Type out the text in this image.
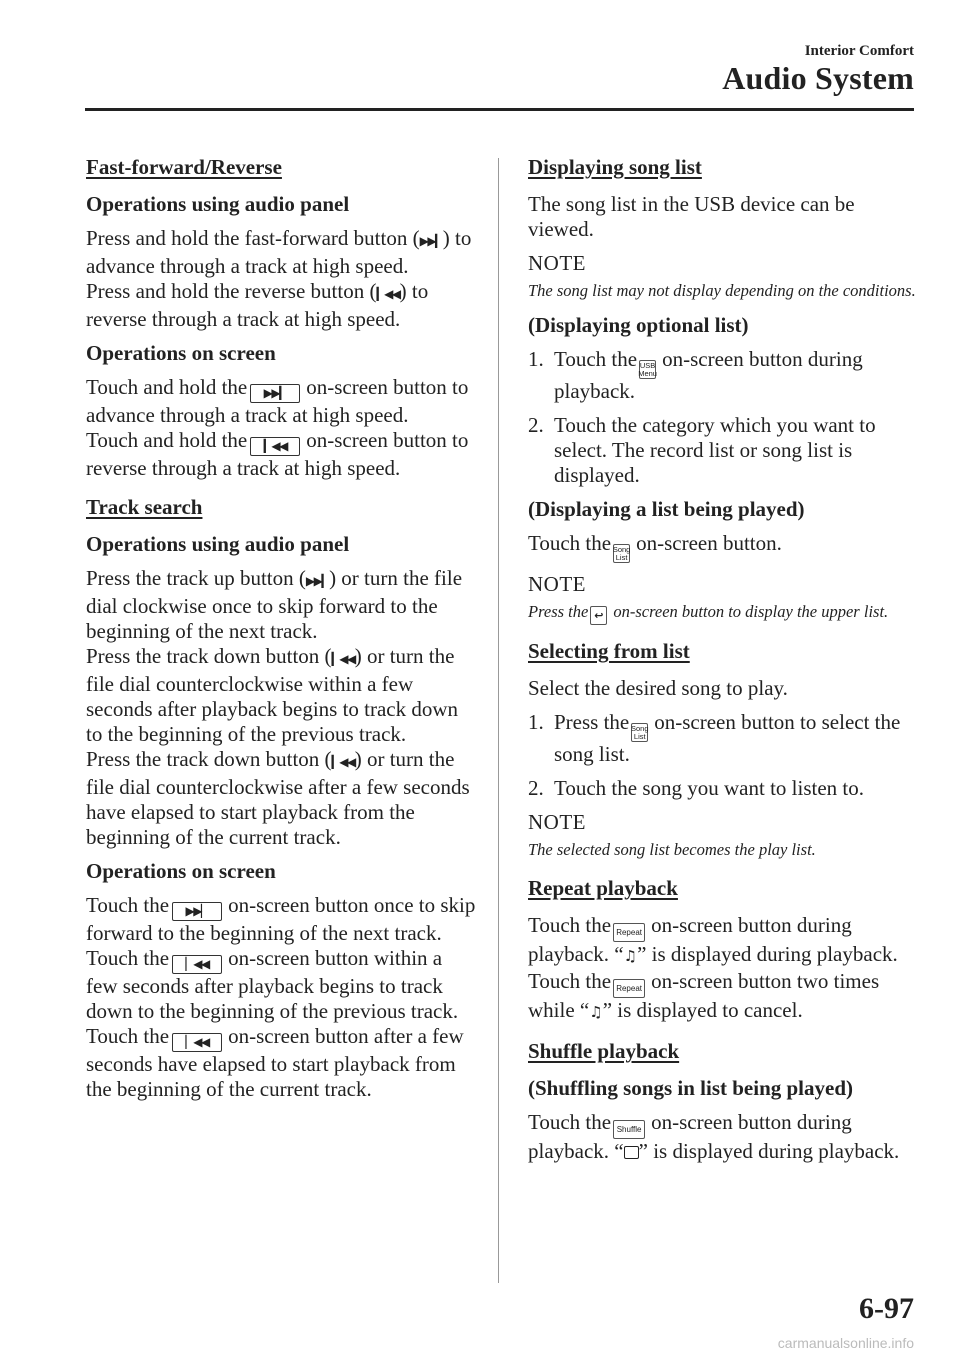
Interior Comfort
Audio System
Fast-forward/Reverse
Operations using audio panel

Press and hold the fast-forward button (▶▶▎) to advance through a track at high speed.
Press and hold the reverse button (▎◀◀) to reverse through a track at high speed.

Operations on screen

Touch and hold the ▶▶▎ on-screen button to advance through a track at high speed.
Touch and hold the ▎◀◀ on-screen button to reverse through a track at high speed.

Track search
Operations using audio panel

Press the track up button (▶▶▎) or turn the file dial clockwise once to skip forward to the beginning of the next track.
Press the track down button (▎◀◀) or turn the file dial counterclockwise within a few seconds after playback begins to track down to the beginning of the previous track.
Press the track down button (▎◀◀) or turn the file dial counterclockwise after a few seconds have elapsed to start playback from the beginning of the current track.

Operations on screen

Touch the ▶▶▏ on-screen button once to skip forward to the beginning of the next track.
Touch the ▏◀◀ on-screen button within a few seconds after playback begins to track down to the beginning of the previous track.
Touch the ▏◀◀ on-screen button after a few seconds have elapsed to start playback from the beginning of the current track.

Displaying song list

The song list in the USB device can be viewed.

NOTE
The song list may not display depending on the conditions.
(Displaying optional list)
1. Touch the USB
Menu
on-screen button during playback.
2. Touch the category which you want to select. The record list or song list is displayed.
(Displaying a list being played)

Touch the Song
List
on-screen button.

NOTE
Press the ↩ on-screen button to display the upper list.
Selecting from list

Select the desired song to play.

1. Press the Song
List
on-screen button to select the song list.
2. Touch the song you want to listen to.
NOTE
The selected song list becomes the play list.
Repeat playback

Touch the Repeat on-screen button during playback. “♫” is displayed during playback.
Touch the Repeat on-screen button two times while “♫” is displayed to cancel.

Shuffle playback
(Shuffling songs in list being played)

Touch the Shuffle on-screen button during playback. “ ” is displayed during playback.

6-97
carmanualsonline.info
